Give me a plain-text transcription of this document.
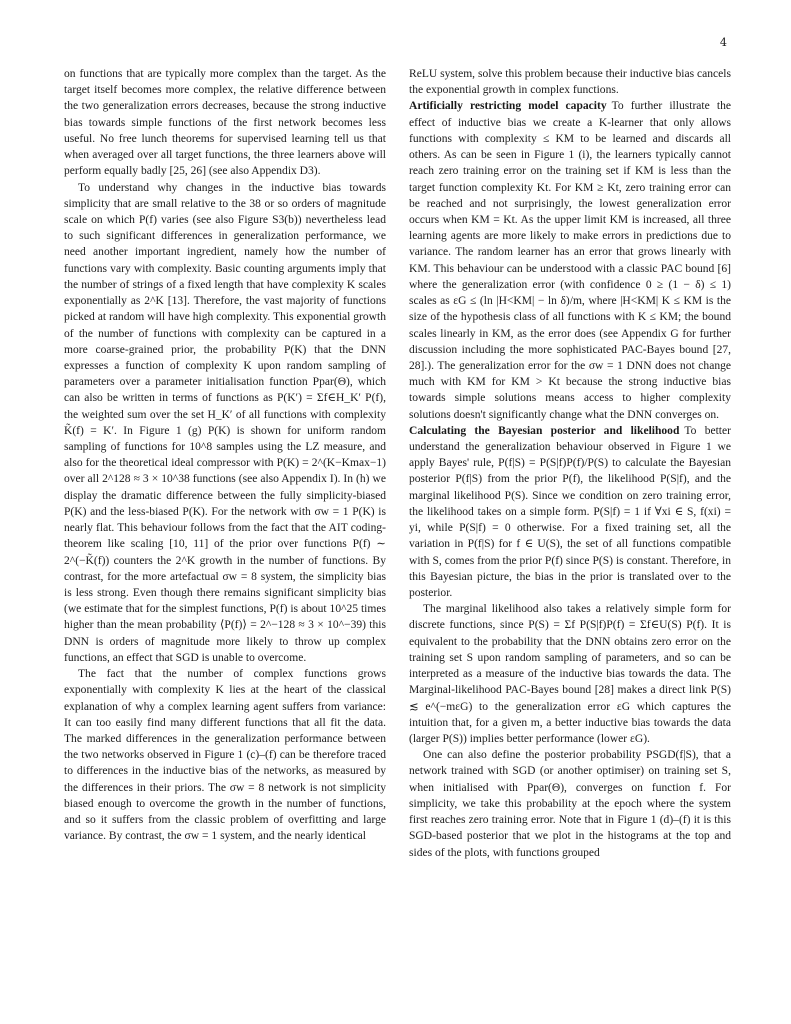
4

on functions that are typically more complex than the target. As the target itself becomes more complex, the relative difference between the two generalization errors decreases, because the strong inductive bias towards simple functions of the first network becomes less useful. No free lunch theorems for supervised learning tell us that when averaged over all target functions, the three learners above will perform equally badly [25, 26] (see also Appendix D3).

To understand why changes in the inductive bias towards simplicity that are small relative to the 38 or so orders of magnitude scale on which P(f) varies (see also Figure S3(b)) nevertheless lead to such significant differences in generalization performance, we need another important ingredient, namely how the number of functions vary with complexity. Basic counting arguments imply that the number of strings of a fixed length that have complexity K scales exponentially as 2^K [13]. Therefore, the vast majority of functions picked at random will have high complexity. This exponential growth of the number of functions with complexity can be captured in a more coarse-grained prior, the probability P(K) that the DNN expresses a function of complexity K upon random sampling of parameters over a parameter initialisation function Ppar(Θ), which can also be written in terms of functions as P(K′) = Σf∈H_K′ P(f), the weighted sum over the set H_K′ of all functions with complexity K̃(f) = K′. In Figure 1 (g) P(K) is shown for uniform random sampling of functions for 10^8 samples using the LZ measure, and also for the theoretical ideal compressor with P(K) = 2^(K−Kmax−1) over all 2^128 ≈ 3 × 10^38 functions (see also Appendix I). In (h) we display the dramatic difference between the fully simplicity-biased P(K) and the less-biased P(K). For the network with σw = 1 P(K) is nearly flat. This behaviour follows from the fact that the AIT coding-theorem like scaling [10, 11] of the prior over functions P(f) ∼ 2^(−K̃(f)) counters the 2^K growth in the number of functions. By contrast, for the more artefactual σw = 8 system, the simplicity bias is less strong. Even though there remains significant simplicity bias (we estimate that for the simplest functions, P(f) is about 10^25 times higher than the mean probability ⟨P(f)⟩ = 2^−128 ≈ 3 × 10^−39) this DNN is orders of magnitude more likely to throw up complex functions, an effect that SGD is unable to overcome.

The fact that the number of complex functions grows exponentially with complexity K lies at the heart of the classical explanation of why a complex learning agent suffers from variance: It can too easily find many different functions that all fit the data. The marked differences in the generalization performance between the two networks observed in Figure 1 (c)–(f) can be therefore traced to differences in the inductive bias of the networks, as measured by the differences in their priors. The σw = 8 network is not simplicity biased enough to overcome the growth in the number of functions, and so it suffers from the classic problem of overfitting and large variance. By contrast, the σw = 1 system, and the nearly identical

ReLU system, solve this problem because their inductive bias cancels the exponential growth in complex functions.

Artificially restricting model capacity To further illustrate the effect of inductive bias we create a K-learner that only allows functions with complexity ≤ KM to be learned and discards all others. As can be seen in Figure 1 (i), the learners typically cannot reach zero training error on the training set if KM is less than the target function complexity Kt. For KM ≥ Kt, zero training error can be reached and not surprisingly, the lowest generalization error occurs when KM = Kt. As the upper limit KM is increased, all three learning agents are more likely to make errors in predictions due to variance. The random learner has an error that grows linearly with KM. This behaviour can be understood with a classic PAC bound [6] where the generalization error (with confidence 0 ≥ (1 − δ) ≤ 1) scales as εG ≤ (ln |H<KM| − ln δ)/m, where |H<KM| K ≤ KM is the size of the hypothesis class of all functions with K ≤ KM; the bound scales linearly in KM, as the error does (see Appendix G for further discussion including the more sophisticated PAC-Bayes bound [27, 28].). The generalization error for the σw = 1 DNN does not change much with KM for KM > Kt because the strong inductive bias towards simple solutions means access to higher complexity solutions doesn't significantly change what the DNN converges on.

Calculating the Bayesian posterior and likelihood To better understand the generalization behaviour observed in Figure 1 we apply Bayes' rule, P(f|S) = P(S|f)P(f)/P(S) to calculate the Bayesian posterior P(f|S) from the prior P(f), the likelihood P(S|f), and the marginal likelihood P(S). Since we condition on zero training error, the likelihood takes on a simple form. P(S|f) = 1 if ∀xi ∈ S, f(xi) = yi, while P(S|f) = 0 otherwise. For a fixed training set, all the variation in P(f|S) for f ∈ U(S), the set of all functions compatible with S, comes from the prior P(f) since P(S) is constant. Therefore, in this Bayesian picture, the bias in the prior is translated over to the posterior.

The marginal likelihood also takes a relatively simple form for discrete functions, since P(S) = Σf P(S|f)P(f) = Σf∈U(S) P(f). It is equivalent to the probability that the DNN obtains zero error on the training set S upon random sampling of parameters, and so can be interpreted as a measure of the inductive bias towards the data. The Marginal-likelihood PAC-Bayes bound [28] makes a direct link P(S) ≲ e^(−mεG) to the generalization error εG which captures the intuition that, for a given m, a better inductive bias towards the data (larger P(S)) implies better performance (lower εG).

One can also define the posterior probability PSGD(f|S), that a network trained with SGD (or another optimiser) on training set S, when initialised with Ppar(Θ), converges on function f. For simplicity, we take this probability at the epoch where the system first reaches zero training error. Note that in Figure 1 (d)–(f) it is this SGD-based posterior that we plot in the histograms at the top and sides of the plots, with functions grouped
